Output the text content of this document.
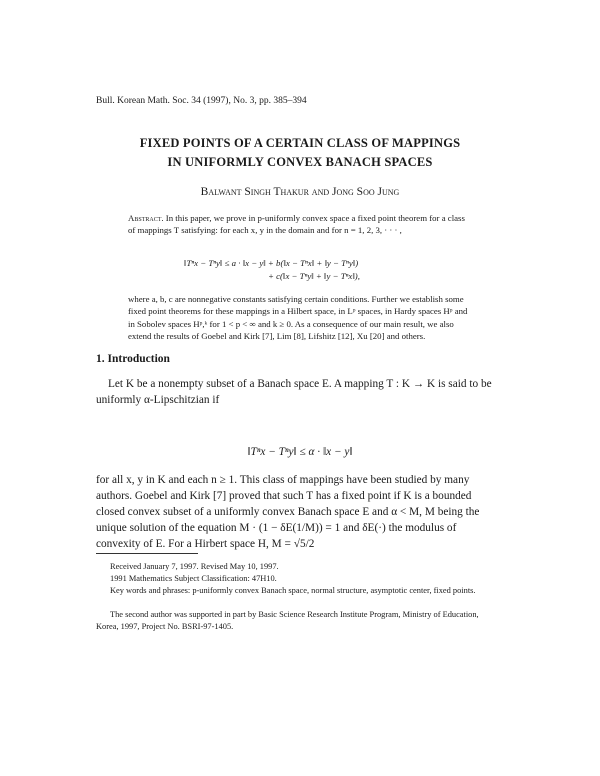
Bull. Korean Math. Soc. 34 (1997), No. 3, pp. 385–394
FIXED POINTS OF A CERTAIN CLASS OF MAPPINGS
IN UNIFORMLY CONVEX BANACH SPACES
Balwant Singh Thakur and Jong Soo Jung
Abstract. In this paper, we prove in p-uniformly convex space a fixed point theorem for a class of mappings T satisfying: for each x, y in the domain and for n = 1, 2, 3, · · · ,
‖Tⁿx − Tⁿy‖ ≤ a · ‖x − y‖ + b(‖x − Tⁿx‖ + ‖y − Tⁿy‖)
+ c(‖x − Tⁿy‖ + ‖y − Tⁿx‖),
where a, b, c are nonnegative constants satisfying certain conditions. Further we establish some fixed point theorems for these mappings in a Hilbert space, in Lᵖ spaces, in Hardy spaces Hᵖ and in Sobolev spaces Hᵖ,ᵏ for 1 < p < ∞ and k ≥ 0. As a consequence of our main result, we also extend the results of Goebel and Kirk [7], Lim [8], Lifshitz [12], Xu [20] and others.
1. Introduction
Let K be a nonempty subset of a Banach space E. A mapping T : K → K is said to be uniformly α-Lipschitzian if
‖Tⁿx − Tⁿy‖ ≤ α · ‖x − y‖
for all x, y in K and each n ≥ 1. This class of mappings have been studied by many authors. Goebel and Kirk [7] proved that such T has a fixed point if K is a bounded closed convex subset of a uniformly convex Banach space E and α < M, M being the unique solution of the equation M · (1 − δE(1/M)) = 1 and δE(·) the modulus of convexity of E. For a Hirbert space H, M = √5/2
Received January 7, 1997. Revised May 10, 1997.
1991 Mathematics Subject Classification: 47H10.
Key words and phrases: p-uniformly convex Banach space, normal structure, asymptotic center, fixed points.
The second author was supported in part by Basic Science Research Institute Program, Ministry of Education, Korea, 1997, Project No. BSRI-97-1405.
